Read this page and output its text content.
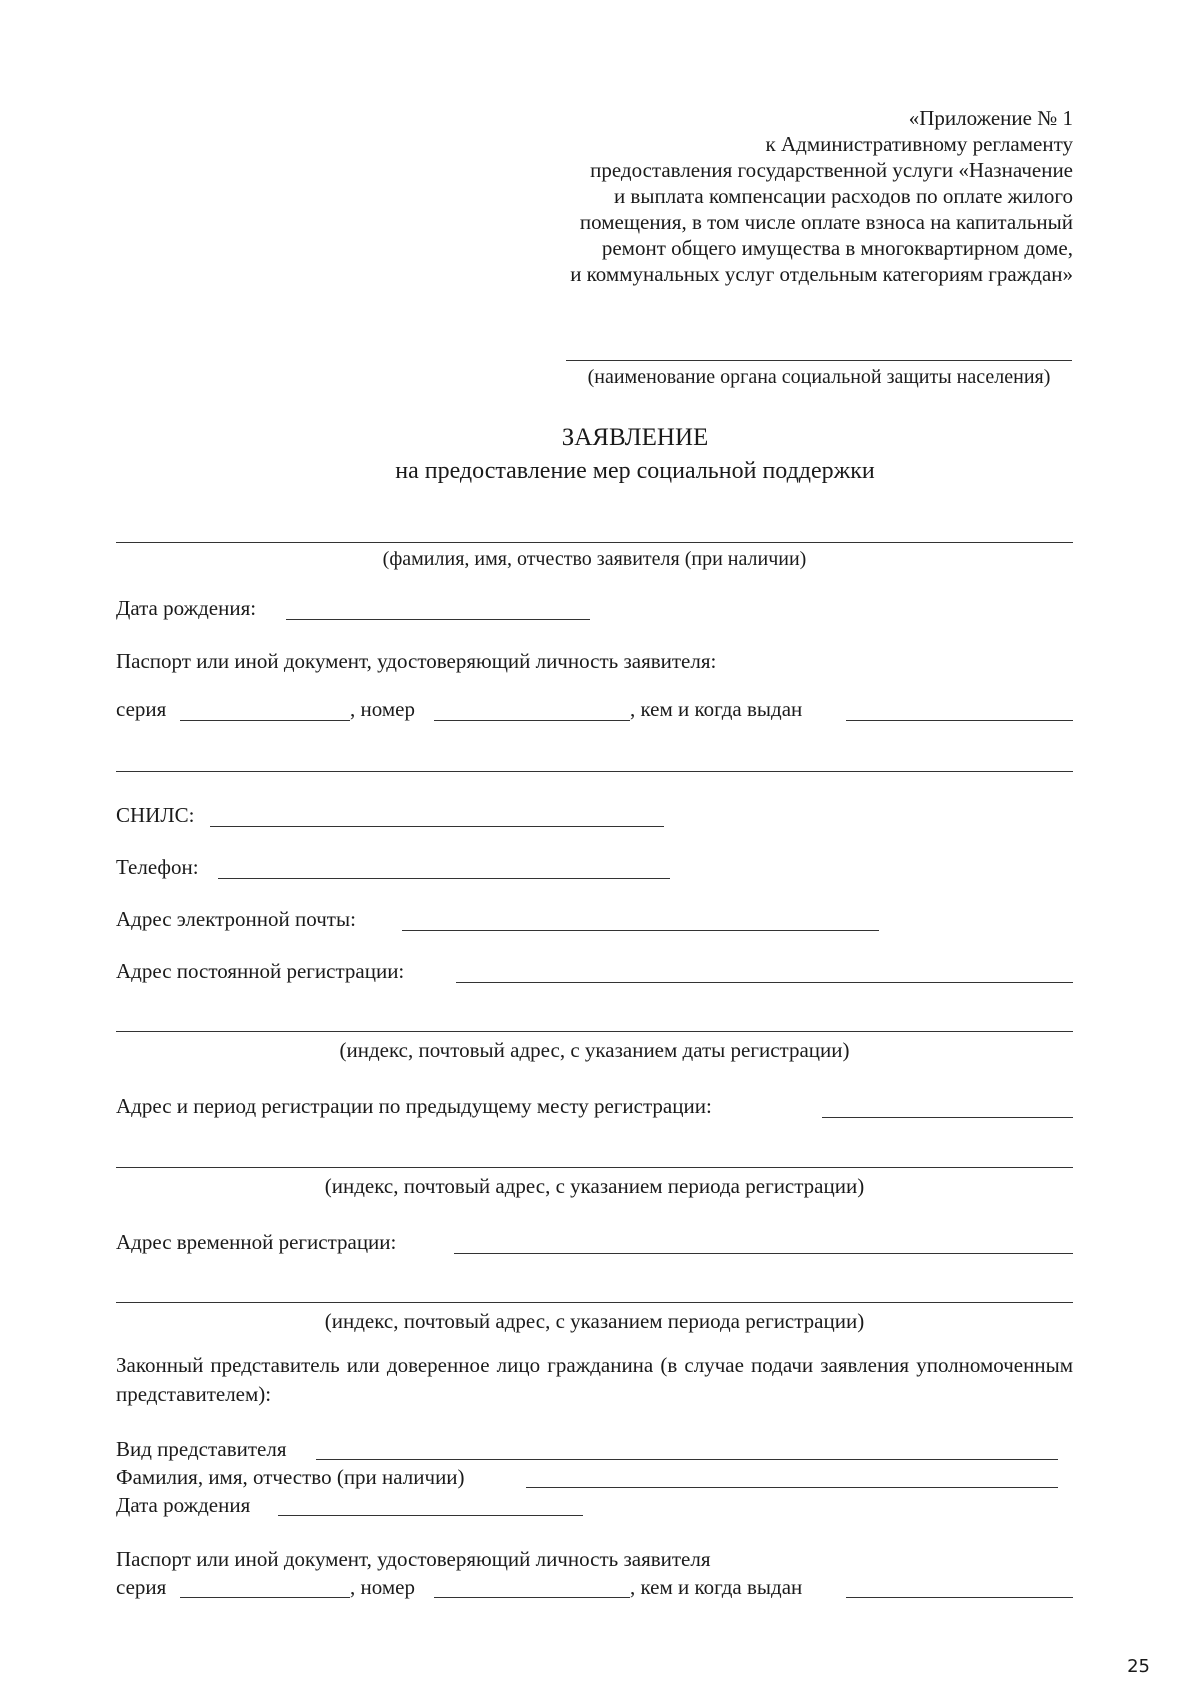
«Приложение № 1
к Административному регламенту
предоставления государственной услуги «Назначение
и выплата компенсации расходов по оплате жилого
помещения, в том числе оплате взноса на капитальный
ремонт общего имущества в многоквартирном доме,
и коммунальных услуг отдельным категориям граждан»
(наименование органа социальной защиты населения)
ЗАЯВЛЕНИЕ
на предоставление мер социальной поддержки
(фамилия, имя, отчество заявителя (при наличии)
Дата рождения:
Паспорт или иной документ, удостоверяющий личность заявителя:
серия	, номер	, кем и когда выдан
СНИЛС:
Телефон:
Адрес электронной почты:
Адрес постоянной регистрации:
(индекс, почтовый адрес, с указанием даты регистрации)
Адрес и период регистрации по предыдущему месту регистрации:
(индекс, почтовый адрес, с указанием периода регистрации)
Адрес временной регистрации:
(индекс, почтовый адрес, с указанием периода регистрации)
Законный представитель или доверенное лицо гражданина (в случае подачи заявления уполномоченным представителем):
Вид представителя
Фамилия, имя, отчество (при наличии)
Дата рождения
Паспорт или иной документ, удостоверяющий личность заявителя
серия	, номер	, кем и когда выдан
25
